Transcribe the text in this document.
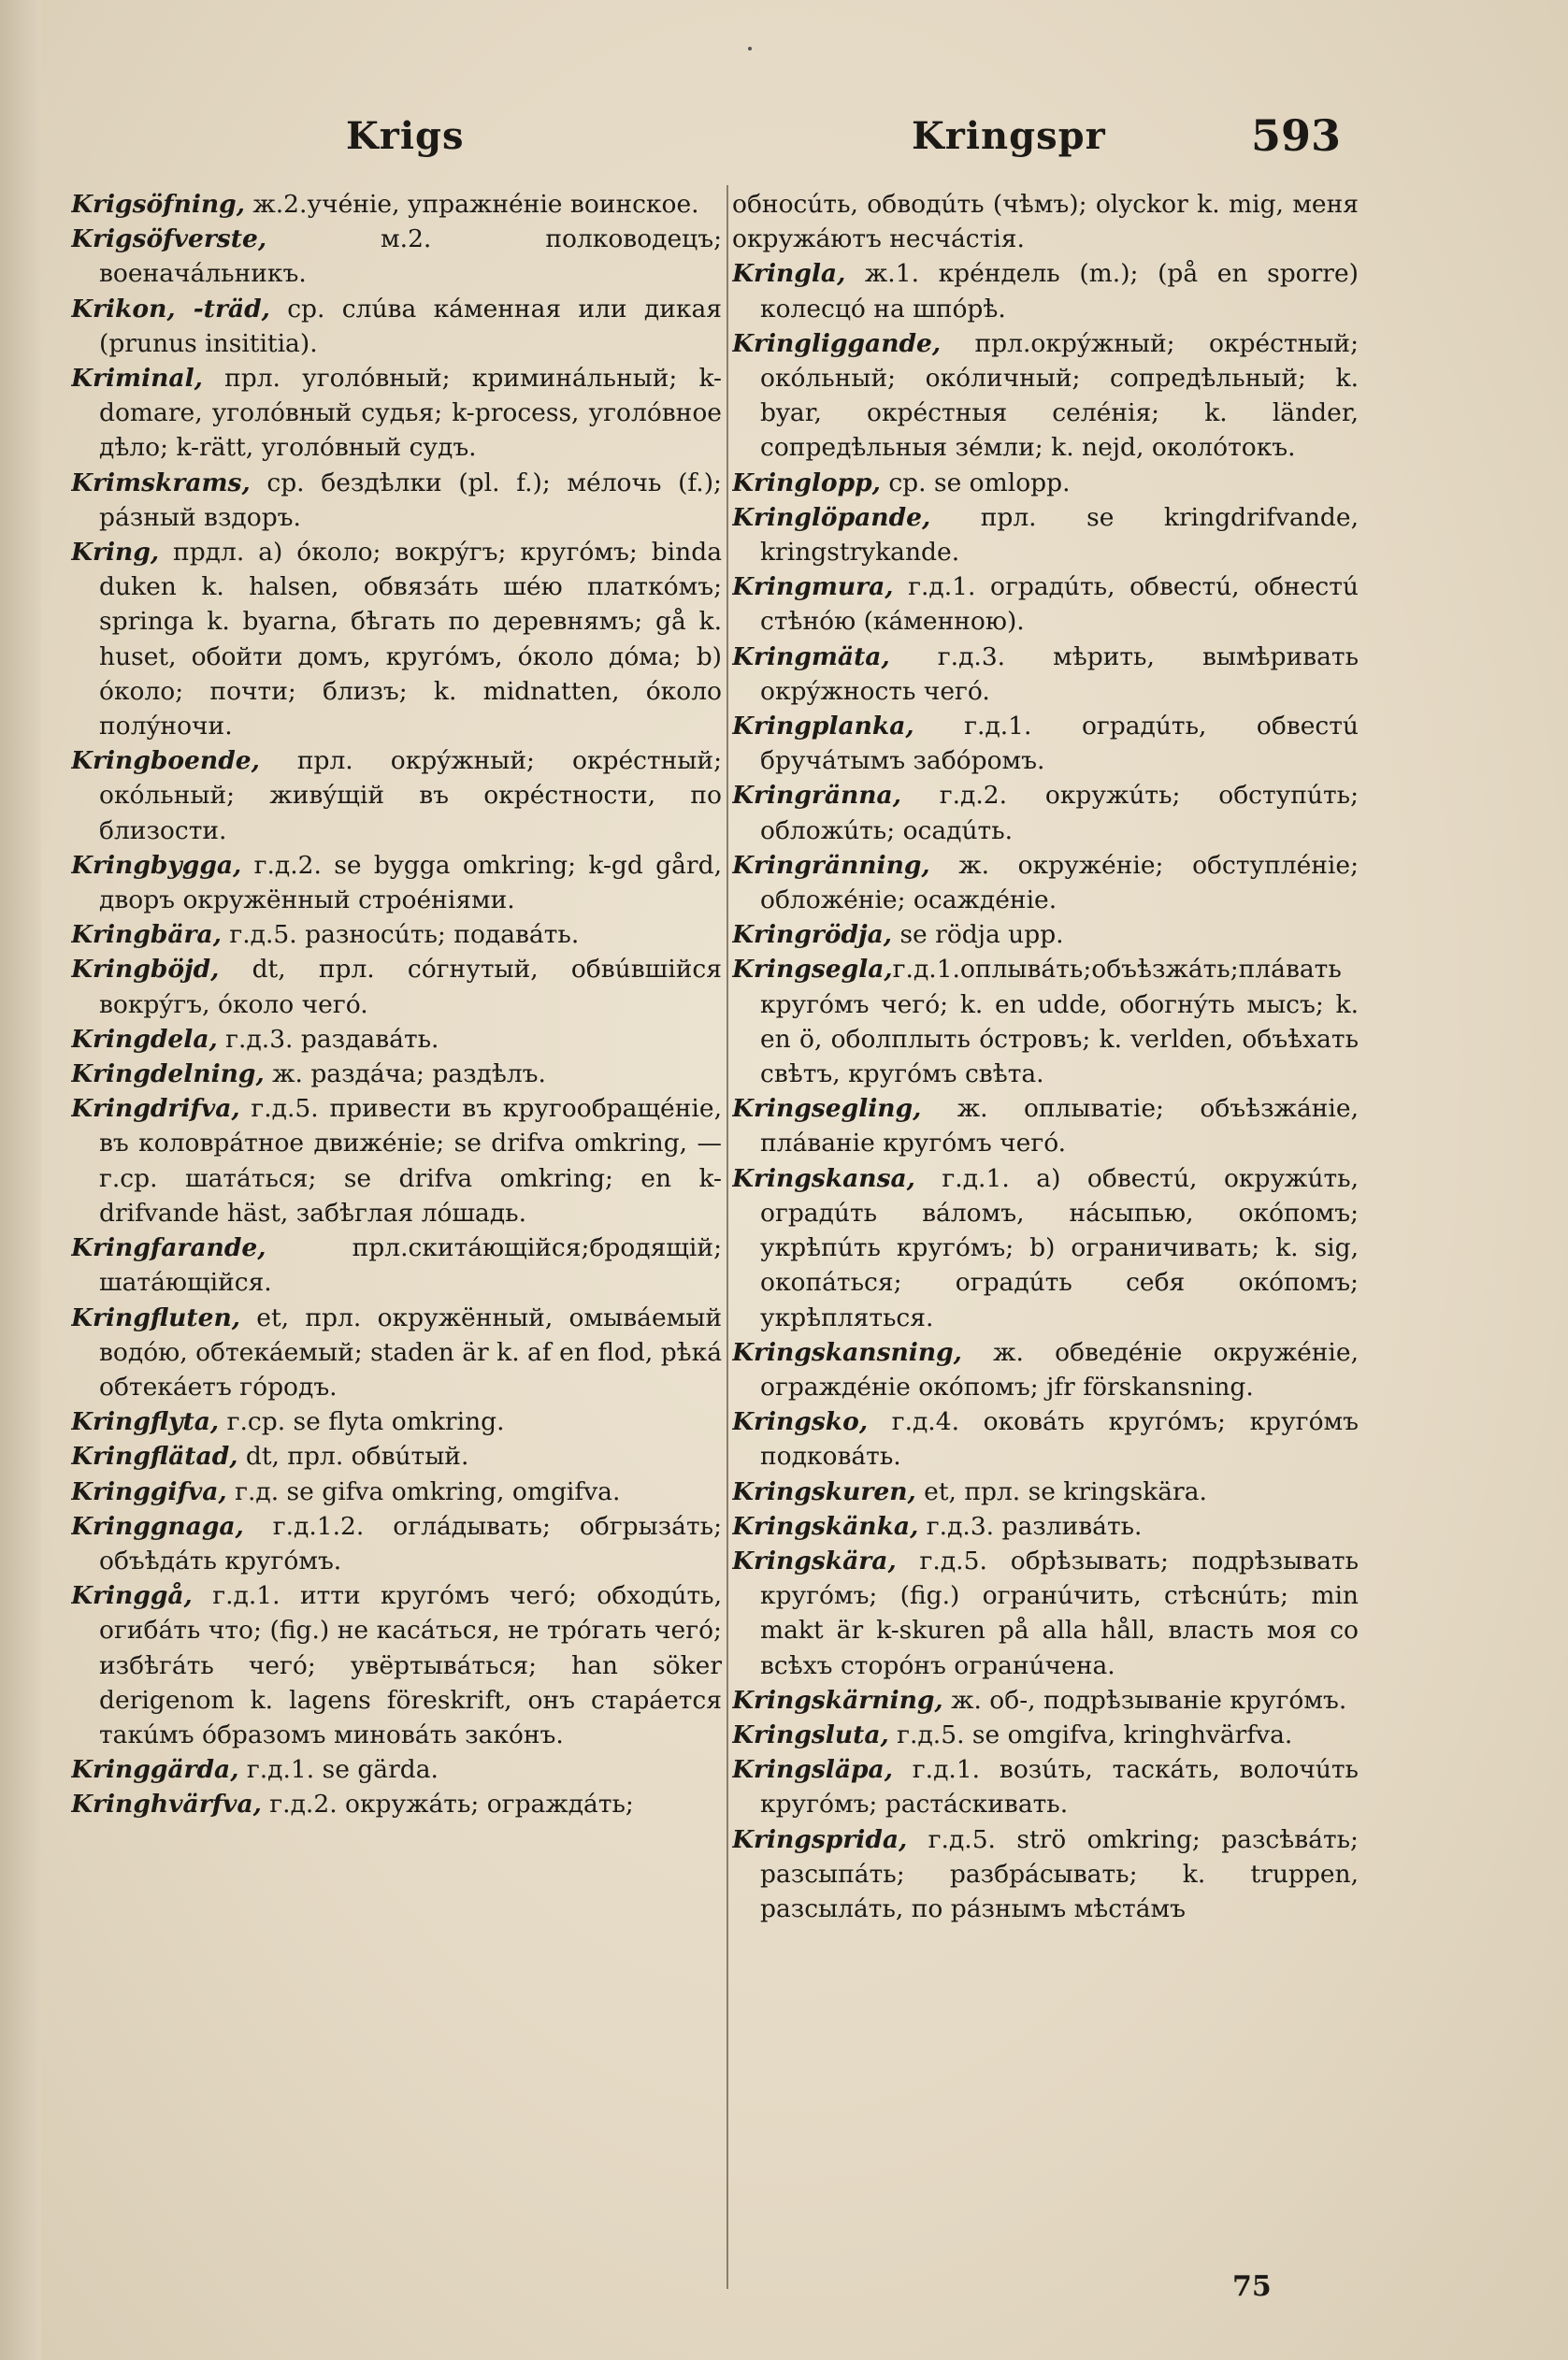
Krigs	Kringspr	593

Krigsöfning, ж.2.учéніе, упражнéніе воинское.

Krigsöfverste, м.2. полководецъ; военачáльникъ.

Krikon, -träd, ср. слúва кáменная или дикая (prunus insititia).

Kriminal, прл. уголóвный; криминáльный; k-domare, уголóвный судья; k-process, уголóвное дѣло; k-rätt, уголóвный судъ.

Krimskrams, ср. бездѣлки (pl. f.); мéлочь (f.); рáзный вздоръ.

Kring, прдл. a) óколо; вокрýгъ; кругóмъ; binda duken k. halsen, обвязáть шéю платкóмъ; springa k. byarna, бѣгать по деревнямъ; gå k. huset, обойти домъ, кругóмъ, óколо дóма; b) óколо; почти; близъ; k. midnatten, óколо полýночи.

Kringboende, прл. окрýжный; окрéстный; окóльный; живýщій въ окрéстности, по близости.

Kringbygga, г.д.2. se bygga omkring; k-gd gård, дворъ окружённый строéніями.

Kringbära, г.д.5. разносúть; подавáть.

Kringböjd, dt, прл. сóгнутый, обвúвшійся вокрýгъ, óколо чегó.

Kringdela, г.д.3. раздавáть.

Kringdelning, ж. раздáча; раздѣлъ.

Kringdrifva, г.д.5. привести въ кругообращéніе, въ коловрáтное движéніе; se drifva omkring, — г.ср. шатáться; se drifva omkring; en k-drifvande häst, забѣглая лóшадь.

Kringfarande, прл.скитáющійся;бродящій; шатáющійся.

Kringfluten, et, прл. окружённый, омывáемый водóю, обтекáемый; staden är k. af en flod, рѣкá обтекáетъ гóродъ.

Kringflyta, г.ср. se flyta omkring.

Kringflätad, dt, прл. обвúтый.

Kringgifva, г.д. se gifva omkring, omgifva.

Kringgnaga, г.д.1.2. оглáдывать; обгрызáть; объѣдáть кругóмъ.

Kringgå, г.д.1. итти кругóмъ чегó; обходúть, огибáть что; (fig.) не касáться, не трóгать чегó; избѣгáть чегó; увёртывáться; han söker derigenom k. lagens föreskrift, онъ старáется такúмъ óбразомъ миновáть закóнъ.

Kringgärda, г.д.1. se gärda.

Kringhvärfva, г.д.2. окружáть; ограждáть;

обносúть, обводúть (чѣмъ); olyckor k. mig, меня окружáютъ несчáстія.

Kringla, ж.1. крéндель (m.); (på en sporre) колесцó на шпóрѣ.

Kringliggande, прл.окрýжный; окрéстный; окóльный; окóличный; сопредѣльный; k. byar, окрéстныя селéнія; k. länder, сопредѣльныя зéмли; k. nejd, околóтокъ.

Kringlopp, ср. se omlopp.

Kringlöpande, прл. se kringdrifvande, kringstrykande.

Kringmura, г.д.1. оградúть, обвестú, обнестú стѣнóю (кáменною).

Kringmäta, г.д.3. мѣрить, вымѣривать окрýжность чегó.

Kringplanka, г.д.1. оградúть, обвестú бручáтымъ забóромъ.

Kringränna, г.д.2. окружúть; обступúть; обложúть; осадúть.

Kringränning, ж. окружéніе; обступлéніе; обложéніе; осаждéніе.

Kringrödja, se rödja upp.

Kringsegla,г.д.1.оплывáть;объѣзжáть;плáвать кругóмъ чегó; k. en udde, обогнýть мысъ; k. en ö, оболплыть óстровъ; k. verlden, объѣхать свѣтъ, кругóмъ свѣта.

Kringsegling, ж. оплыватіе; объѣзжáніе, плáваніе кругóмъ чегó.

Kringskansa, г.д.1. a) обвестú, окружúть, оградúть вáломъ, нáсыпью, окóпомъ; укрѣпúть кругóмъ; b) ограничивать; k. sig, окопáться; оградúть себя окóпомъ; укрѣпляться.

Kringskansning, ж. обведéніе окружéніе, ограждéніе окóпомъ; jfr förskansning.

Kringsko, г.д.4. оковáть кругóмъ; кругóмъ подковáть.

Kringskuren, et, прл. se kringskära.

Kringskänka, г.д.3. разливáть.

Kringskära, г.д.5. обрѣзывать; подрѣзывать кругóмъ; (fig.) огранúчить, стѣснúть; min makt är k-skuren på alla håll, власть моя со всѣхъ сторóнъ огранúчена.

Kringskärning, ж. об-, подрѣзываніе кругóмъ.

Kringsluta, г.д.5. se omgifva, kringhvärfva.

Kringsläpa, г.д.1. возúть, таскáть, волочúть кругóмъ; растáскивать.

Kringsprida, г.д.5. strö omkring; разсѣвáть; разсыпáть; разбрáсывать; k. truppen, разсылáть, по рáзнымъ мѣстáмъ

75
